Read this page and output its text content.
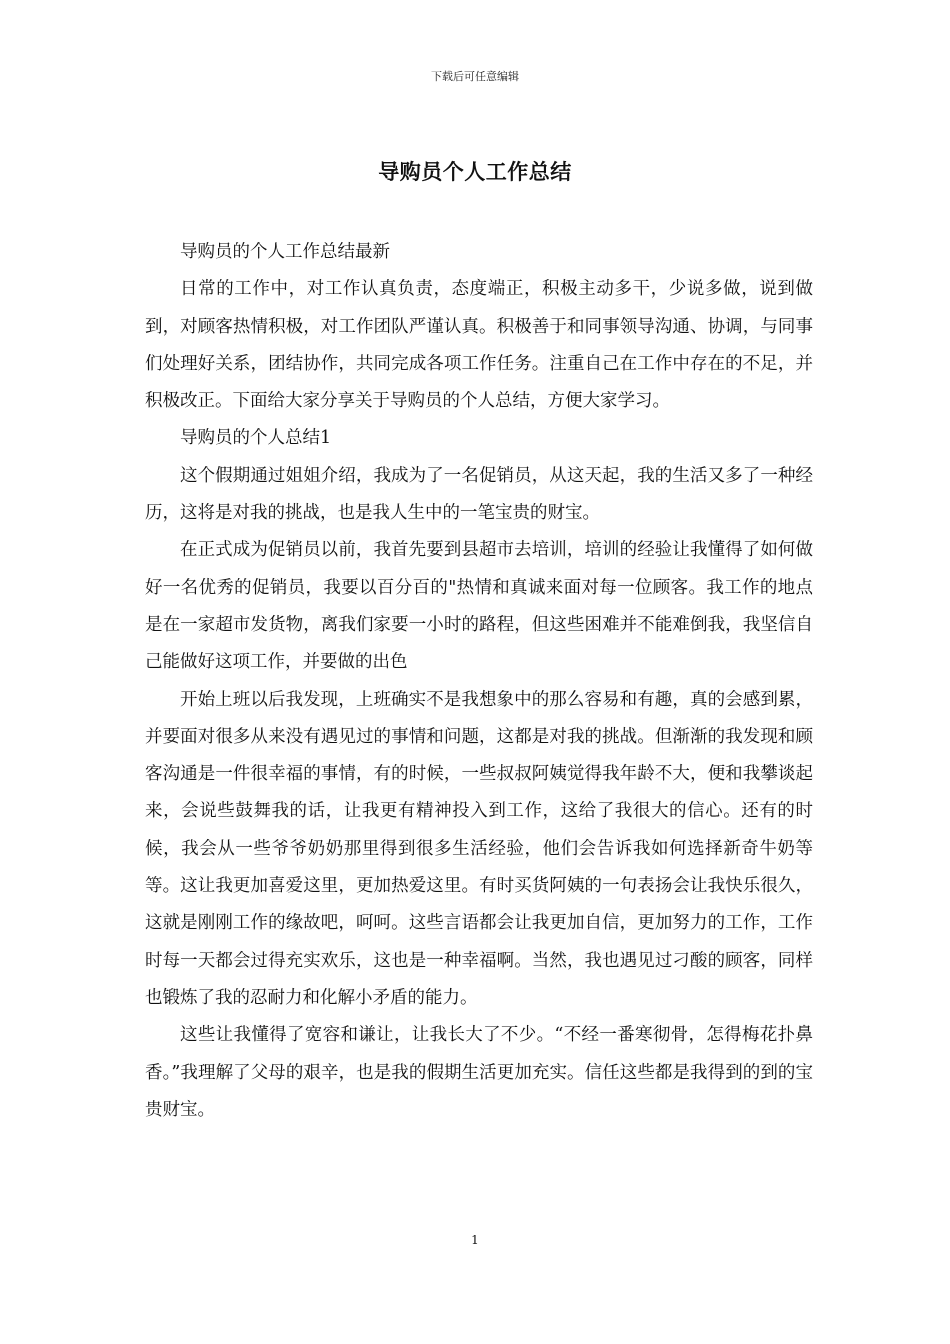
下载后可任意编辑
导购员个人工作总结

导购员的个人工作总结最新

日常的工作中，对工作认真负责，态度端正，积极主动多干，少说多做，说到做到，对顾客热情积极，对工作团队严谨认真。积极善于和同事领导沟通、协调，与同事们处理好关系，团结协作，共同完成各项工作任务。注重自己在工作中存在的不足，并积极改正。下面给大家分享关于导购员的个人总结，方便大家学习。

导购员的个人总结1

这个假期通过姐姐介绍，我成为了一名促销员，从这天起，我的生活又多了一种经历，这将是对我的挑战，也是我人生中的一笔宝贵的财宝。

在正式成为促销员以前，我首先要到县超市去培训，培训的经验让我懂得了如何做好一名优秀的促销员，我要以百分百的"热情和真诚来面对每一位顾客。我工作的地点是在一家超市发货物，离我们家要一小时的路程，但这些困难并不能难倒我，我坚信自己能做好这项工作，并要做的出色

开始上班以后我发现，上班确实不是我想象中的那么容易和有趣，真的会感到累，并要面对很多从来没有遇见过的事情和问题，这都是对我的挑战。但渐渐的我发现和顾客沟通是一件很幸福的事情，有的时候，一些叔叔阿姨觉得我年龄不大，便和我攀谈起来，会说些鼓舞我的话，让我更有精神投入到工作，这给了我很大的信心。还有的时候，我会从一些爷爷奶奶那里得到很多生活经验，他们会告诉我如何选择新奇牛奶等等。这让我更加喜爱这里，更加热爱这里。有时买货阿姨的一句表扬会让我快乐很久，这就是刚刚工作的缘故吧，呵呵。这些言语都会让我更加自信，更加努力的工作，工作时每一天都会过得充实欢乐，这也是一种幸福啊。当然，我也遇见过刁酸的顾客，同样也锻炼了我的忍耐力和化解小矛盾的能力。

这些让我懂得了宽容和谦让，让我长大了不少。“不经一番寒彻骨，怎得梅花扑鼻香。”我理解了父母的艰辛，也是我的假期生活更加充实。信任这些都是我得到的到的宝贵财宝。

1
